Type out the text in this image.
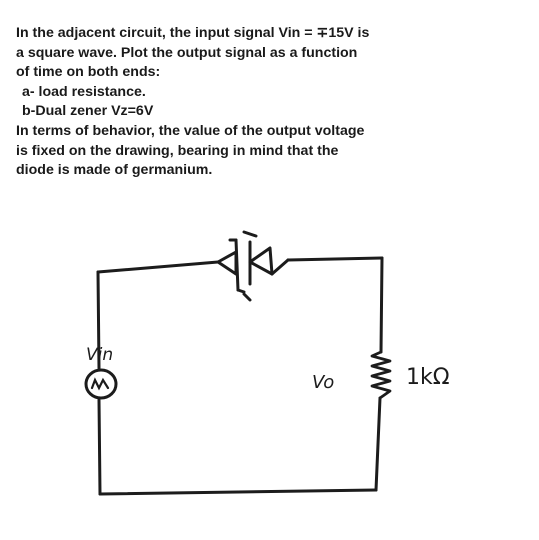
In the adjacent circuit, the input signal Vin = ∓15V is
a square wave. Plot the output signal as a function
of time on both ends:
a- load resistance.
b-Dual zener Vz=6V
In terms of behavior, the value of the output voltage
is fixed on the drawing, bearing in mind that the
diode is made of germanium.
Vin
Vo	1kΩ
